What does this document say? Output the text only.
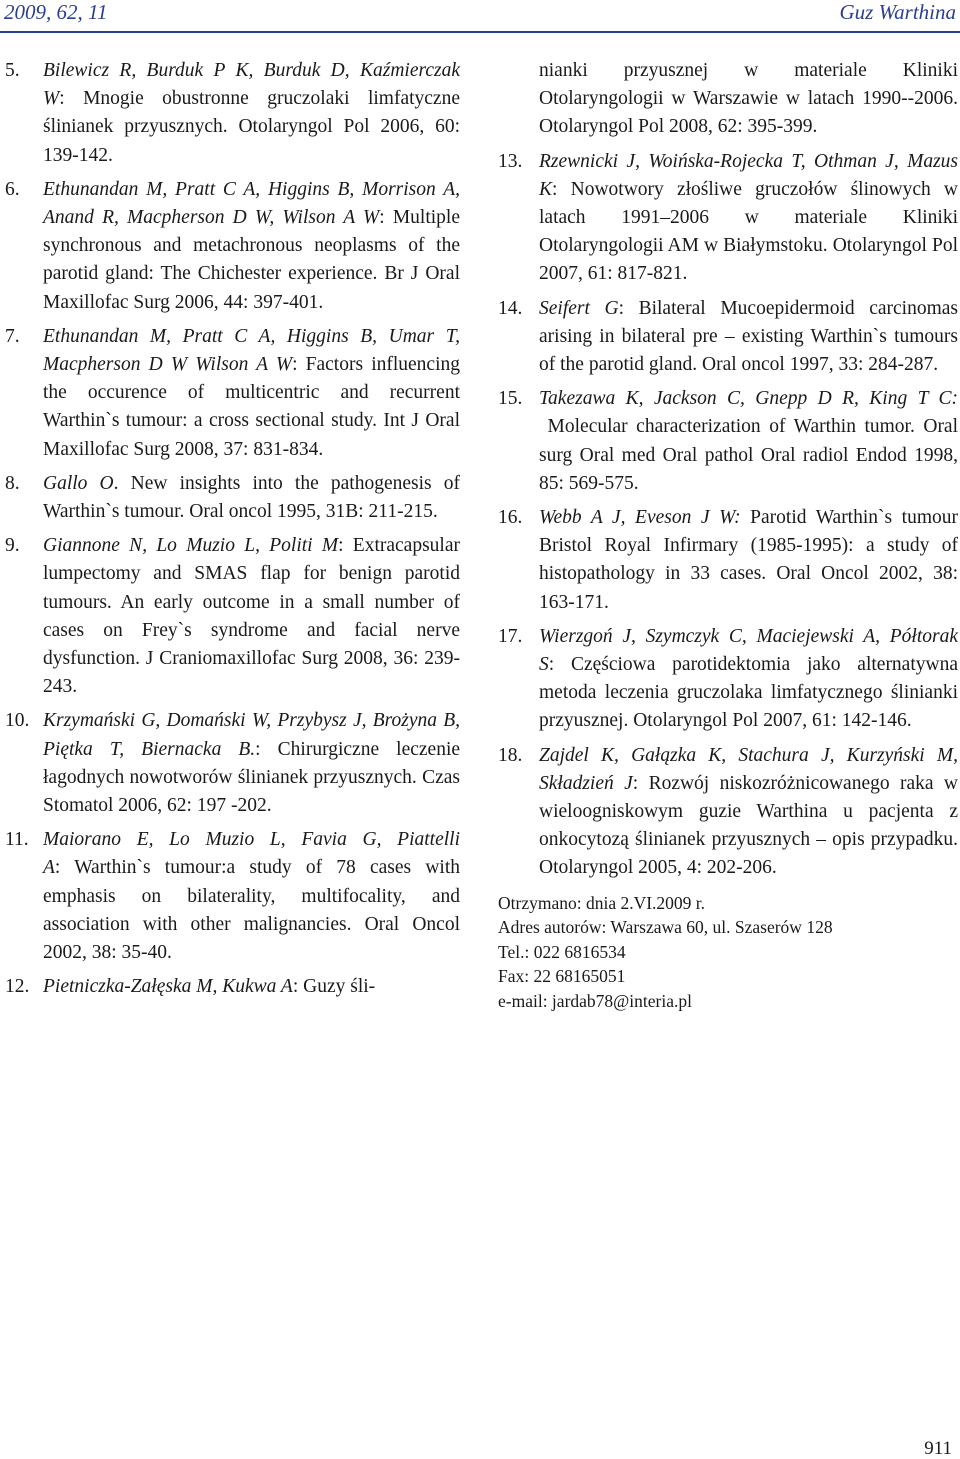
2009, 62, 11	Guz Warthina
5.	Bilewicz R, Burduk P K, Burduk D, Kaźmierczak W: Mnogie obustronne gruczolaki limfatyczne ślinianek przyusznych. Otolaryngol Pol 2006, 60: 139-142.
6.	Ethunandan M, Pratt C A, Higgins B, Morrison A, Anand R, Macpherson D W, Wilson A W: Multiple synchronous and metachronous neoplasms of the parotid gland: The Chichester experience. Br J Oral Maxillofac Surg 2006, 44: 397-401.
7.	Ethunandan M, Pratt C A, Higgins B, Umar T, Macpherson D W Wilson A W: Factors influencing the occurence of multicentric and recurrent Warthin`s tumour: a cross sectional study. Int J Oral Maxillofac Surg 2008, 37: 831-834.
8.	Gallo O. New insights into the pathogenesis of Warthin`s tumour. Oral oncol 1995, 31B: 211-215.
9.	Giannone N, Lo Muzio L, Politi M: Extracapsular lumpectomy and SMAS flap for benign parotid tumours. An early outcome in a small number of cases on Frey`s syndrome and facial nerve dysfunction. J Craniomaxillofac Surg 2008, 36: 239-243.
10. Krzymański G, Domański W, Przybysz J, Brożyna B, Piętka T, Biernacka B.: Chirurgiczne leczenie łagodnych nowotworów ślinianek przyusznych. Czas Stomatol 2006, 62: 197 -202.
11. Maiorano E, Lo Muzio L, Favia G, Piattelli A: Warthin`s tumour:a study of 78 cases with emphasis on bilaterality, multifocality, and association with other malignancies. Oral Oncol 2002, 38: 35-40.
12. Pietniczka-Załęska M, Kukwa A: Guzy śli-
nianki przyusznej w materiale Kliniki Otolaryngologii w Warszawie w latach 1990--2006. Otolaryngol Pol 2008, 62: 395-399.
13. Rzewnicki J, Woińska-Rojecka T, Othman J, Mazus K: Nowotwory złośliwe gruczołów ślinowych w latach 1991–2006 w materiale Kliniki Otolaryngologii AM w Białymstoku. Otolaryngol Pol 2007, 61: 817-821.
14. Seifert G: Bilateral Mucoepidermoid carcinomas arising in bilateral pre – existing Warthin`s tumours of the parotid gland. Oral oncol 1997, 33: 284-287.
15. Takezawa K, Jackson C, Gnepp D R, King T C: Molecular characterization of Warthin tumor. Oral surg Oral med Oral pathol Oral radiol Endod 1998, 85: 569-575.
16. Webb A J, Eveson J W: Parotid Warthin`s tumour Bristol Royal Infirmary (1985-1995): a study of histopathology in 33 cases. Oral Oncol 2002, 38: 163-171.
17. Wierzgoń J, Szymczyk C, Maciejewski A, Półtorak S: Częściowa parotidektomia jako alternatywna metoda leczenia gruczolaka limfatycznego ślinianki przyusznej. Otolaryngol Pol 2007, 61: 142-146.
18. Zajdel K, Gałązka K, Stachura J, Kurzyński M, Składzień J: Rozwój niskozróżnicowanego raka w wieloogniskowym guzie Warthina u pacjenta z onkocytozą ślinianek przyusznych – opis przypadku. Otolaryngol 2005, 4: 202-206.
Otrzymano: dnia 2.VI.2009 r.
Adres autorów: Warszawa 60, ul. Szaserów 128
Tel.: 022 6816534
Fax: 22 68165051
e-mail: jardab78@interia.pl
911
